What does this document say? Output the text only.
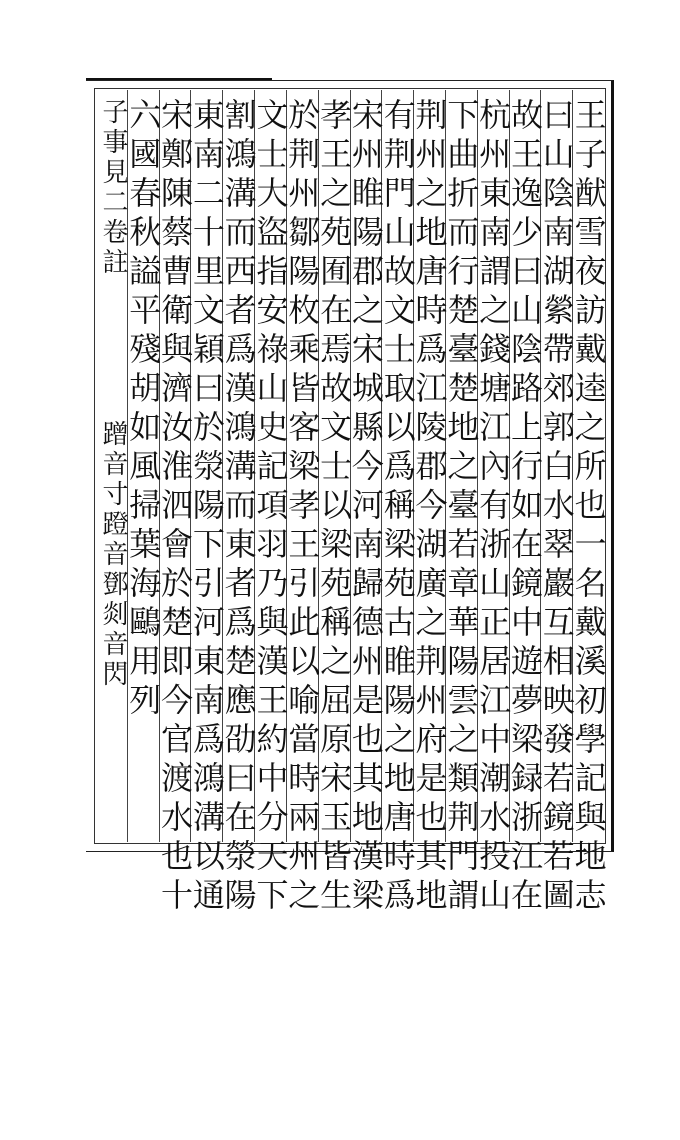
王子猷雪夜訪戴逵之所也一名戴溪初學記與地志
曰山陰南湖縈帶郊郭白水翠巖互相映發若鏡若圖
故王逸少曰山陰路上行如在鏡中遊夢梁録浙江在
杭州東南謂之錢塘江內有浙山正居江中潮水投山
下曲折而行楚臺楚地之臺若章華陽雲之類荆門謂
荆州之地唐時爲江陵郡今湖廣之荆州府是也其地
有荆門山故文士取以爲稱梁苑古睢陽之地唐時爲
宋州睢陽郡之宋城縣今河南歸德州是也其地漢梁
孝王之苑囿在焉故文士以梁苑稱之屈原宋玉皆生
於荆州鄒陽枚乘皆客梁孝王引此以喻當時兩州之
文士大盜指安祿山史記項羽乃與漢王約中分天下
割鴻溝而西者爲漢鴻溝而東者爲楚應劭曰在滎陽
東南二十里文穎曰於滎陽下引河東南爲鴻溝以通
宋鄭陳蔡曹衛與濟汝淮泗會於楚即今官渡水也十
六國春秋謚平殘胡如風掃葉海鷗用列
子事見二卷註
蹭音寸蹬音鄧剡音閃
